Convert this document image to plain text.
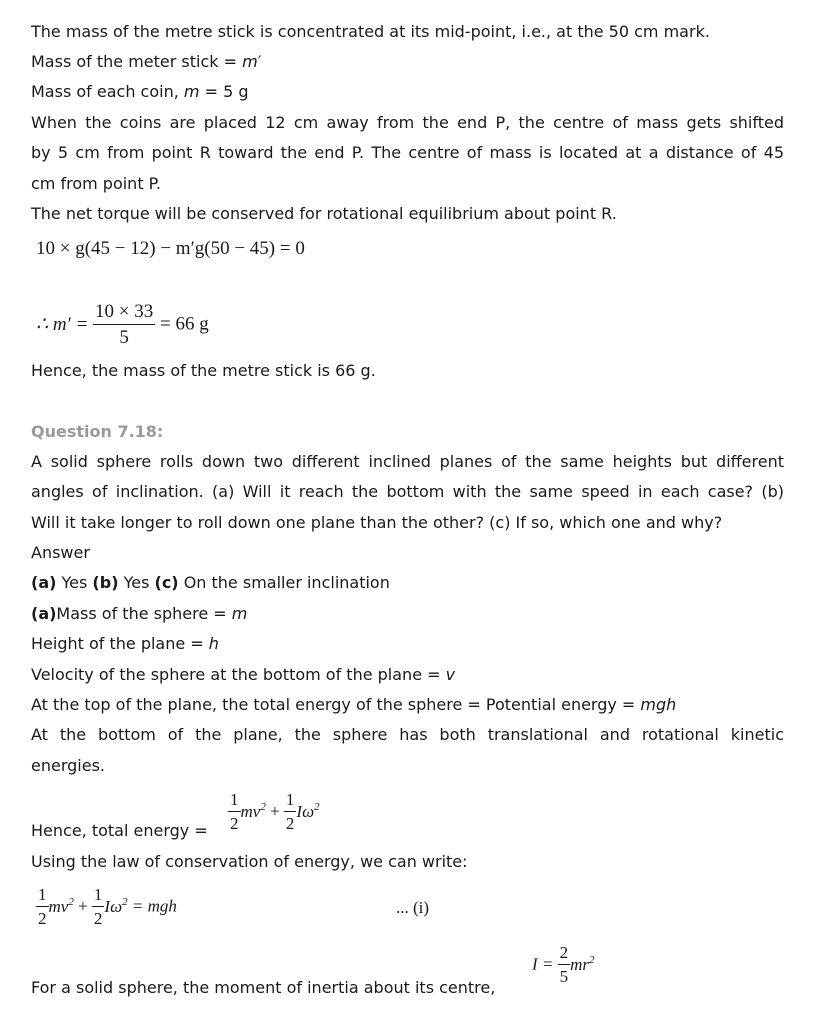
The mass of the metre stick is concentrated at its mid-point, i.e., at the 50 cm mark.
Mass of the meter stick = m′
Mass of each coin, m = 5 g
When the coins are placed 12 cm away from the end P, the centre of mass gets shifted
by 5 cm from point R toward the end P. The centre of mass is located at a distance of 45
cm from point P.
The net torque will be conserved for rotational equilibrium about point R.
10 × g(45 − 12) − m′g(50 − 45) = 0
∴ $m' = \frac{10 \times 33}{5} = 66$ g
Hence, the mass of the metre stick is 66 g.
Question 7.18:
A solid sphere rolls down two different inclined planes of the same heights but different
angles of inclination. (a) Will it reach the bottom with the same speed in each case? (b)
Will it take longer to roll down one plane than the other? (c) If so, which one and why?
Answer
(a) Yes (b) Yes (c) On the smaller inclination
(a)Mass of the sphere = m
Height of the plane = h
Velocity of the sphere at the bottom of the plane = v
At the top of the plane, the total energy of the sphere = Potential energy = mgh
At the bottom of the plane, the sphere has both translational and rotational kinetic
energies.
Hence, total energy = $\frac{1}{2} mv^2 + \frac{1}{2} I\omega^2$
Using the law of conservation of energy, we can write:
$\frac{1}{2} mv^2 + \frac{1}{2} I\omega^2$ = mgh	... (i)
For a solid sphere, the moment of inertia about its centre,
$I = \frac{2}{5} mr^2$
